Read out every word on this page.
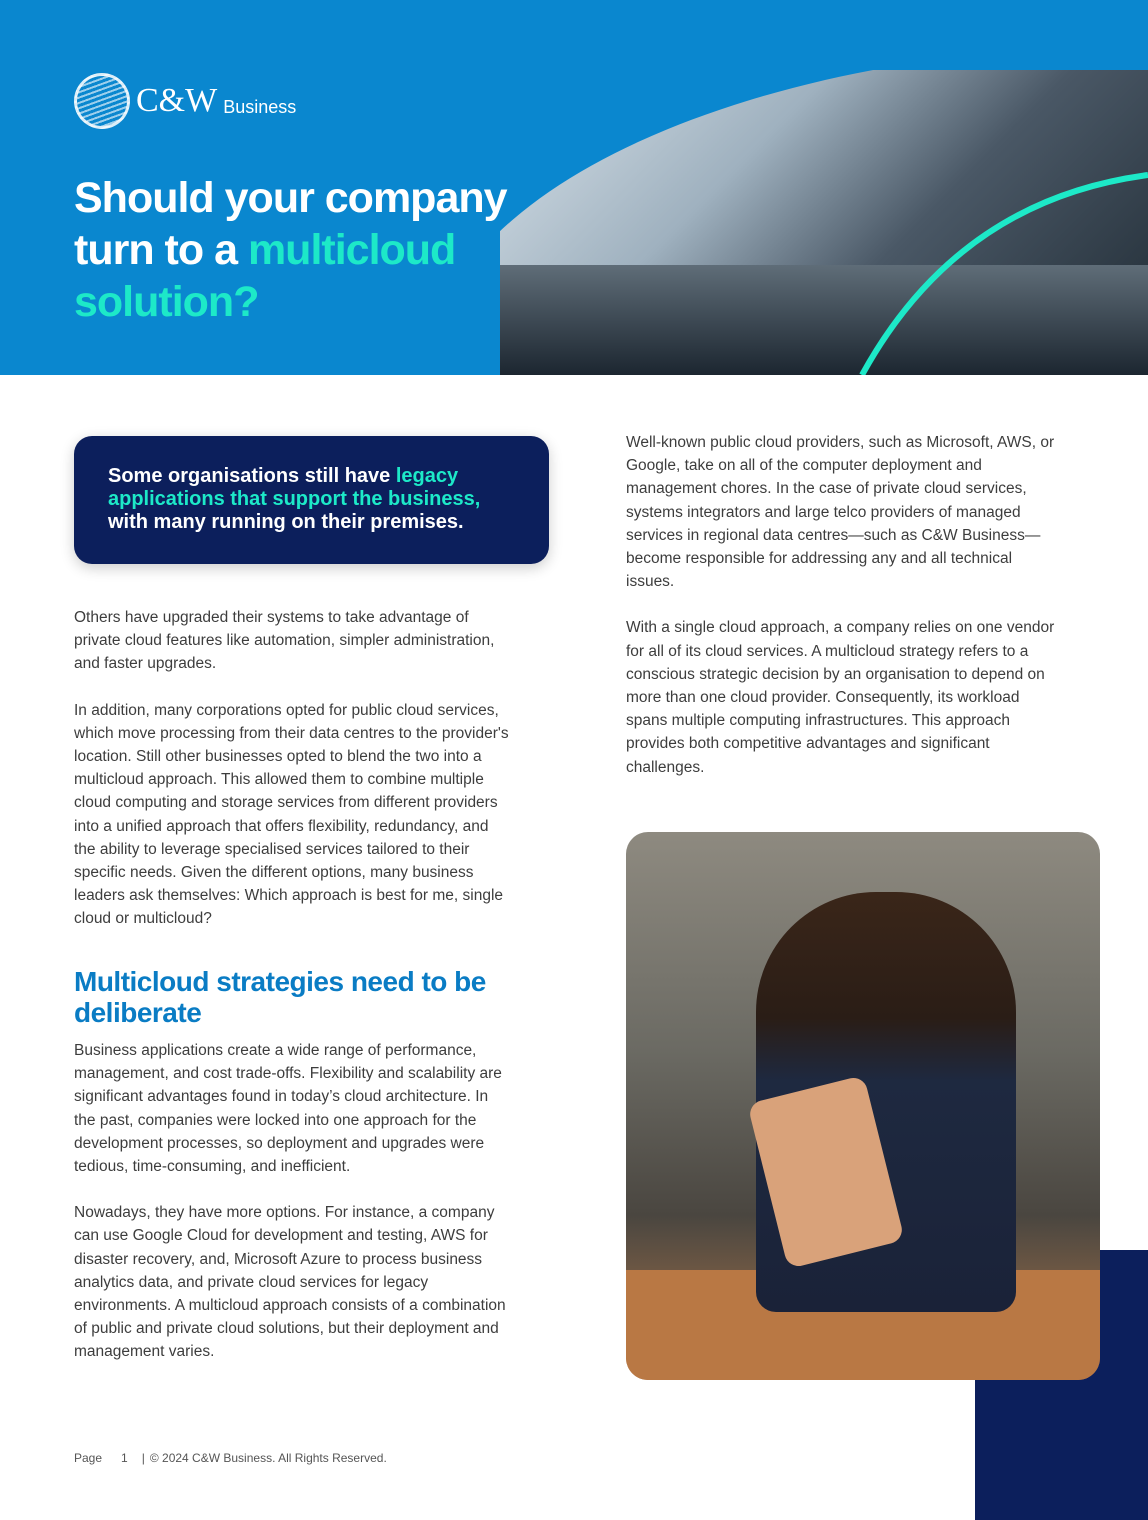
C&W Business
Should your company
turn to a multicloud
solution?
Some organisations still have legacy applications that support the business, with many running on their premises.

Others have upgraded their systems to take advantage of private cloud features like automation, simpler administration, and faster upgrades.

In addition, many corporations opted for public cloud services, which move processing from their data centres to the provider's location. Still other businesses opted to blend the two into a multicloud approach. This allowed them to combine multiple cloud computing and storage services from different providers into a unified approach that offers flexibility, redundancy, and the ability to leverage specialised services tailored to their specific needs. Given the different options, many business leaders ask themselves: Which approach is best for me, single cloud or multicloud?

Multicloud strategies need to be deliberate

Business applications create a wide range of performance, management, and cost trade-offs. Flexibility and scalability are significant advantages found in today’s cloud architecture. In the past, companies were locked into one approach for the development processes, so deployment and upgrades were tedious, time-consuming, and inefficient.

Nowadays, they have more options. For instance, a company can use Google Cloud for development and testing, AWS for disaster recovery, and, Microsoft Azure to process business analytics data, and private cloud services for legacy environments. A multicloud approach consists of a combination of public and private cloud solutions, but their deployment and management varies.

Well-known public cloud providers, such as Microsoft, AWS, or Google, take on all of the computer deployment and management chores. In the case of private cloud services, systems integrators and large telco providers of managed services in regional data centres—such as C&W Business—become responsible for addressing any and all technical issues.

With a single cloud approach, a company relies on one vendor for all of its cloud services. A multicloud strategy refers to a conscious strategic decision by an organisation to depend on more than one cloud provider. Consequently, its workload spans multiple computing infrastructures. This approach provides both competitive advantages and significant challenges.

Page 1 | © 2024 C&W Business. All Rights Reserved.
